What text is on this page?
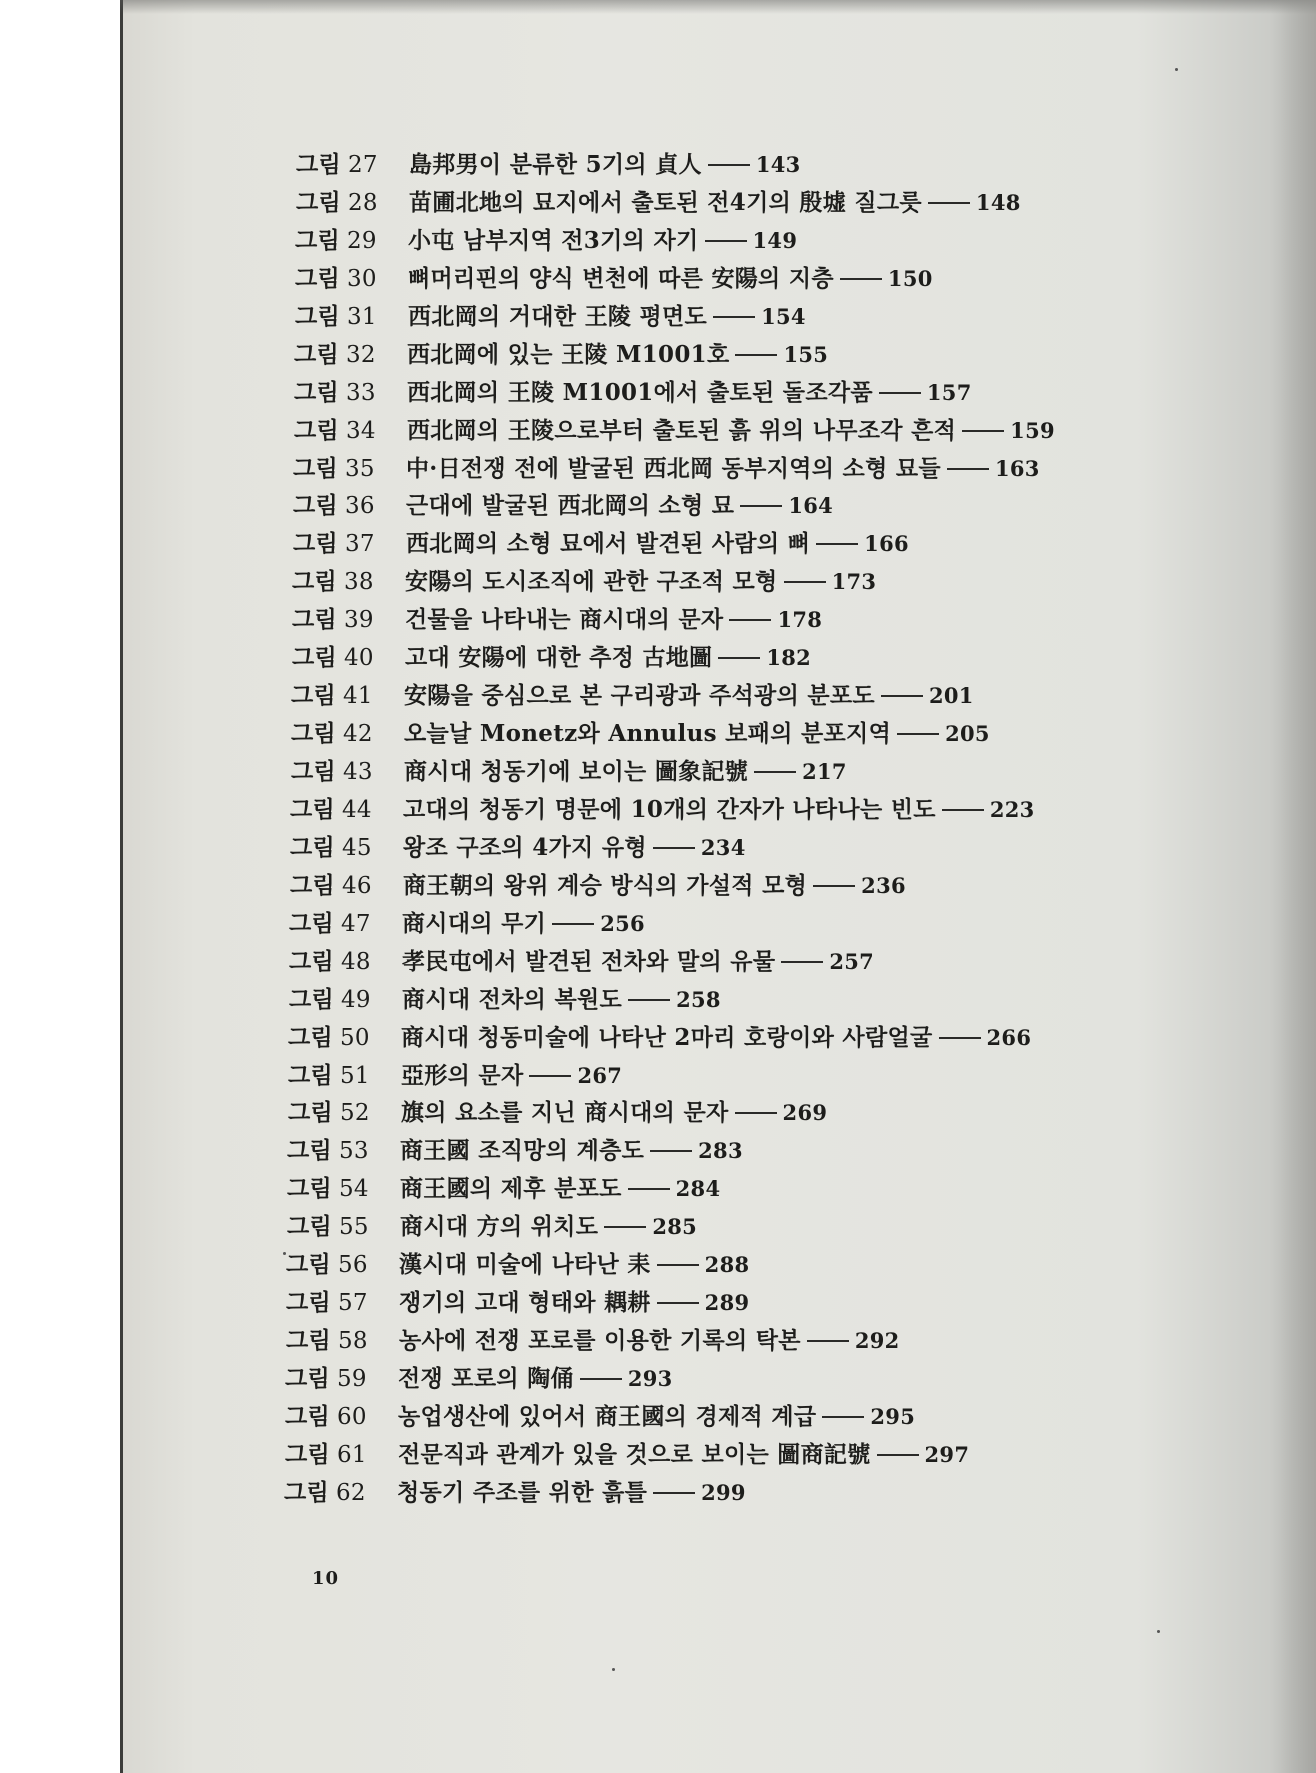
그림 27 島邦男이 분류한 5기의 貞人	143
그림 28 苗圃北地의 묘지에서 출토된 전4기의 殷墟 질그릇	148
그림 29 小屯 남부지역 전3기의 자기	149
그림 30 뼈머리핀의 양식 변천에 따른 安陽의 지층	150
그림 31 西北岡의 거대한 王陵 평면도	154
그림 32 西北岡에 있는 王陵 M1001호	155
그림 33 西北岡의 王陵 M1001에서 출토된 돌조각품	157
그림 34 西北岡의 王陵으로부터 출토된 흙 위의 나무조각 흔적	159
그림 35 中·日전쟁 전에 발굴된 西北岡 동부지역의 소형 묘들	163
그림 36 근대에 발굴된 西北岡의 소형 묘	164
그림 37 西北岡의 소형 묘에서 발견된 사람의 뼈	166
그림 38 安陽의 도시조직에 관한 구조적 모형	173
그림 39 건물을 나타내는 商시대의 문자	178
그림 40 고대 安陽에 대한 추정 古地圖	182
그림 41 安陽을 중심으로 본 구리광과 주석광의 분포도	201
그림 42 오늘날 Monetz와 Annulus 보패의 분포지역	205
그림 43 商시대 청동기에 보이는 圖象記號	217
그림 44 고대의 청동기 명문에 10개의 간자가 나타나는 빈도	223
그림 45 왕조 구조의 4가지 유형	234
그림 46 商王朝의 왕위 계승 방식의 가설적 모형	236
그림 47 商시대의 무기	256
그림 48 孝民屯에서 발견된 전차와 말의 유물	257
그림 49 商시대 전차의 복원도	258
그림 50 商시대 청동미술에 나타난 2마리 호랑이와 사람얼굴	266
그림 51 亞形의 문자	267
그림 52 旗의 요소를 지닌 商시대의 문자	269
그림 53 商王國 조직망의 계층도	283
그림 54 商王國의 제후 분포도	284
그림 55 商시대 方의 위치도	285
그림 56 漢시대 미술에 나타난 耒	288
그림 57 쟁기의 고대 형태와 耦耕	289
그림 58 농사에 전쟁 포로를 이용한 기록의 탁본	292
그림 59 전쟁 포로의 陶俑	293
그림 60 농업생산에 있어서 商王國의 경제적 계급	295
그림 61 전문직과 관계가 있을 것으로 보이는 圖商記號	297
그림 62 청동기 주조를 위한 흙틀	299
10
